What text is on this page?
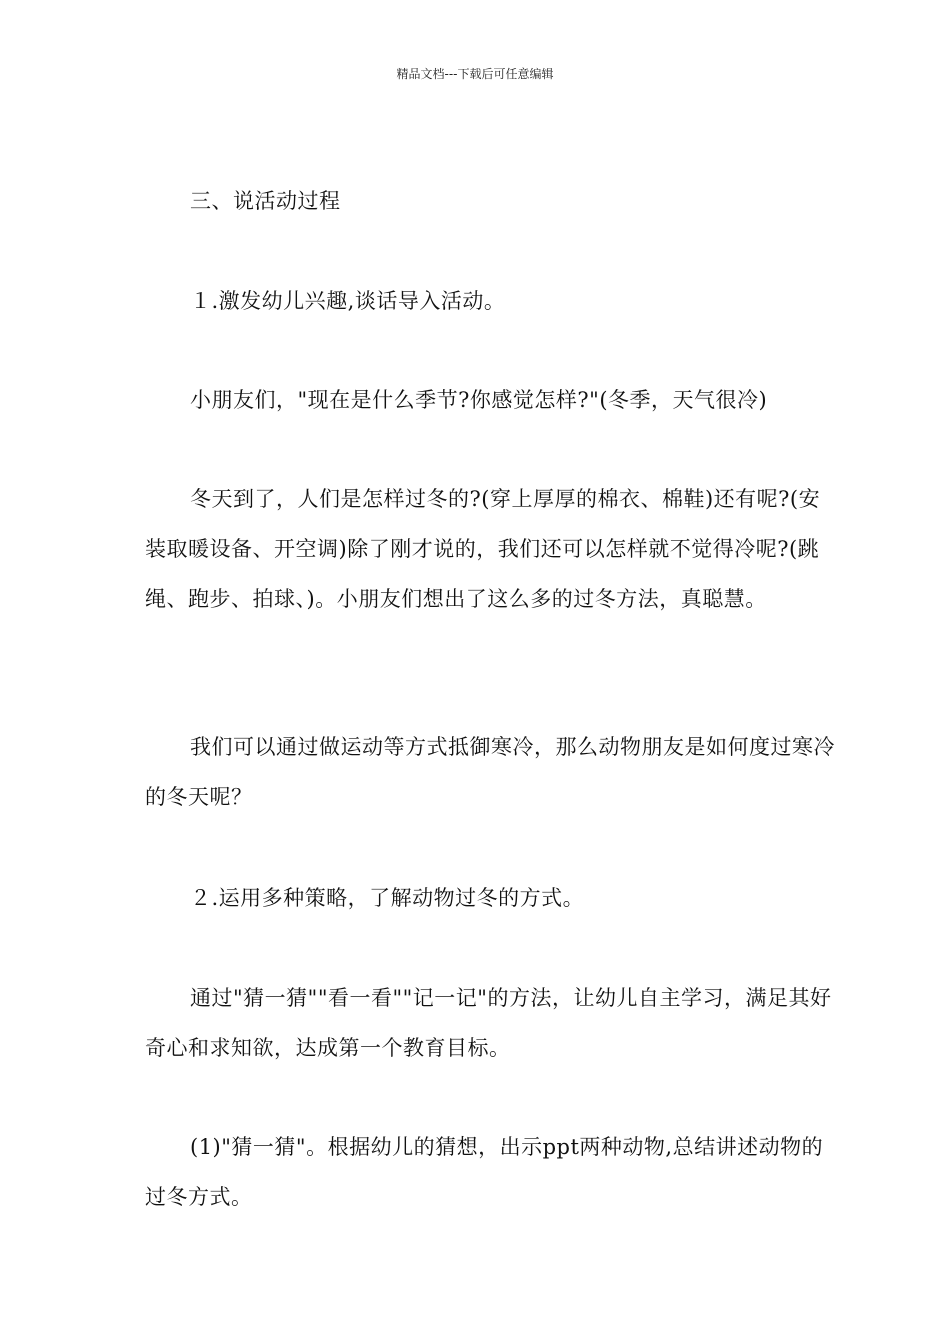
精品文档---下载后可任意编辑

三、说活动过程

１.激发幼儿兴趣,谈话导入活动。

小朋友们，"现在是什么季节?你感觉怎样?"(冬季，天气很冷)

冬天到了，人们是怎样过冬的?(穿上厚厚的棉衣、棉鞋)还有呢?(安装取暖设备、开空调)除了刚才说的，我们还可以怎样就不觉得冷呢?(跳绳、跑步、拍球、)。小朋友们想出了这么多的过冬方法，真聪慧。

我们可以通过做运动等方式抵御寒冷，那么动物朋友是如何度过寒冷的冬天呢？

２.运用多种策略，了解动物过冬的方式。

通过"猜一猜""看一看""记一记"的方法，让幼儿自主学习，满足其好奇心和求知欲，达成第一个教育目标。

(1)"猜一猜"。根据幼儿的猜想，出示ppt两种动物,总结讲述动物的过冬方式。
